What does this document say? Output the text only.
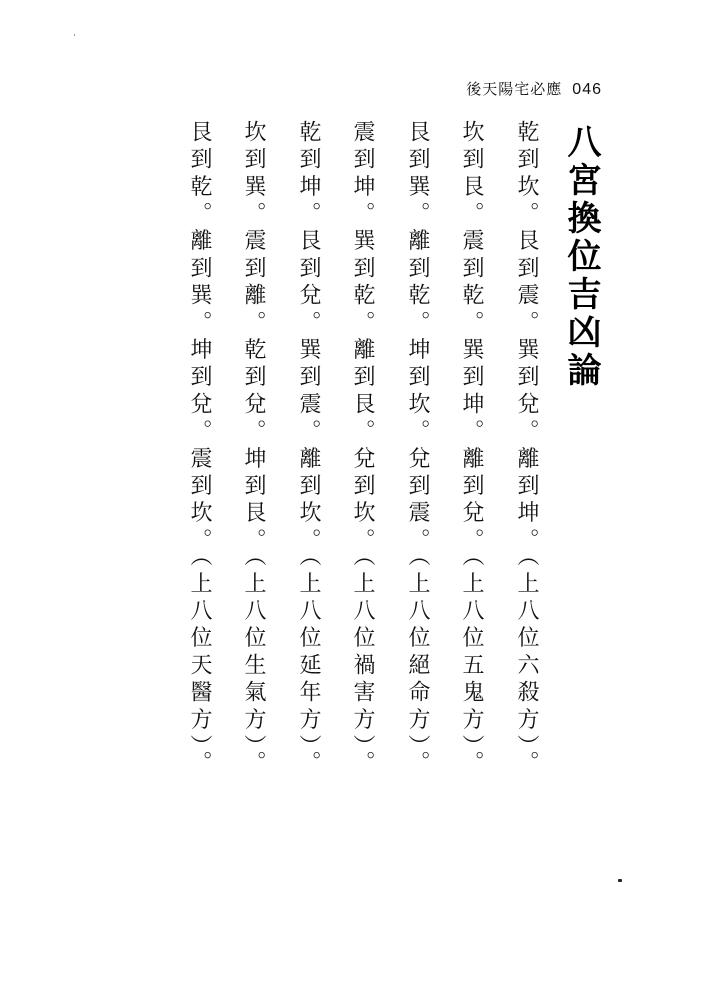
後天陽宅必應 046
八宮換位吉凶論
乾到坎。艮到震。巽到兌。離到坤。（上八位六殺方）。
坎到艮。震到乾。巽到坤。離到兌。（上八位五鬼方）。
艮到巽。離到乾。坤到坎。兌到震。（上八位絕命方）。
震到坤。巽到乾。離到艮。兌到坎。（上八位禍害方）。
乾到坤。艮到兌。巽到震。離到坎。（上八位延年方）。
坎到巽。震到離。乾到兌。坤到艮。（上八位生氣方）。
艮到乾。離到巽。坤到兌。震到坎。（上八位天醫方）。
